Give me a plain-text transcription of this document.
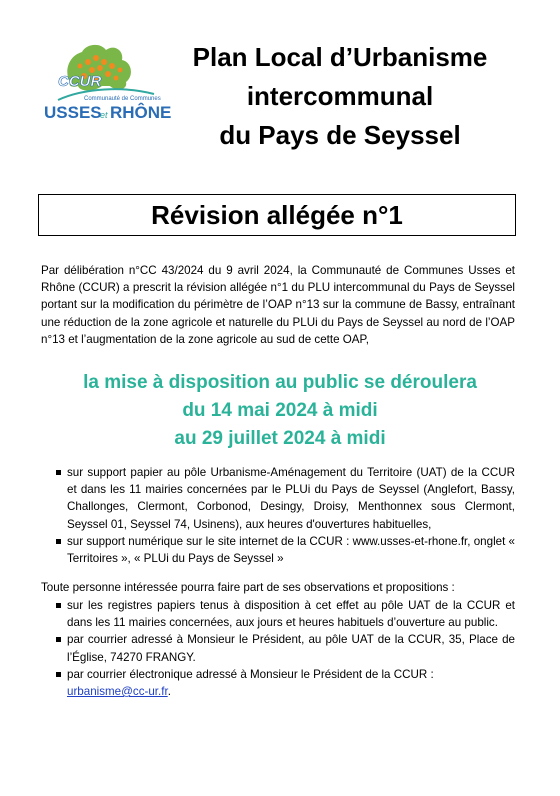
CCUR
Communauté de Communes
USSES
et RHÔNE
Plan Local d’Urbanisme
intercommunal
du Pays de Seyssel
Révision allégée n°1
Par délibération n°CC 43/2024 du 9 avril 2024, la Communauté de Communes Usses et Rhône (CCUR) a prescrit la révision allégée n°1 du PLU intercommunal du Pays de Seyssel portant sur la modification du périmètre de l’OAP n°13 sur la commune de Bassy, entraînant une réduction de la zone agricole et naturelle du PLUi du Pays de Seyssel au nord de l’OAP n°13 et l’augmentation de la zone agricole au sud de cette OAP,
la mise à disposition au public se déroulera
du 14 mai 2024 à midi
au 29 juillet 2024 à midi
sur support papier au pôle Urbanisme-Aménagement du Territoire (UAT) de la CCUR et dans les 11 mairies concernées par le PLUi du Pays de Seyssel (Anglefort, Bassy, Challonges, Clermont, Corbonod, Desingy, Droisy, Menthonnex sous Clermont, Seyssel 01, Seyssel 74, Usinens), aux heures d'ouvertures habituelles,
sur support numérique sur le site internet de la CCUR : www.usses-et-rhone.fr, onglet « Territoires », « PLUi du Pays de Seyssel »
Toute personne intéressée pourra faire part de ses observations et propositions :
sur les registres papiers tenus à disposition à cet effet au pôle UAT de la CCUR et dans les 11 mairies concernées, aux jours et heures habituels d’ouverture au public.
par courrier adressé à Monsieur le Président, au pôle UAT de la CCUR, 35, Place de l’Église, 74270 FRANGY.
par courrier électronique adressé à Monsieur le Président de la CCUR :
urbanisme@cc-ur.fr.
